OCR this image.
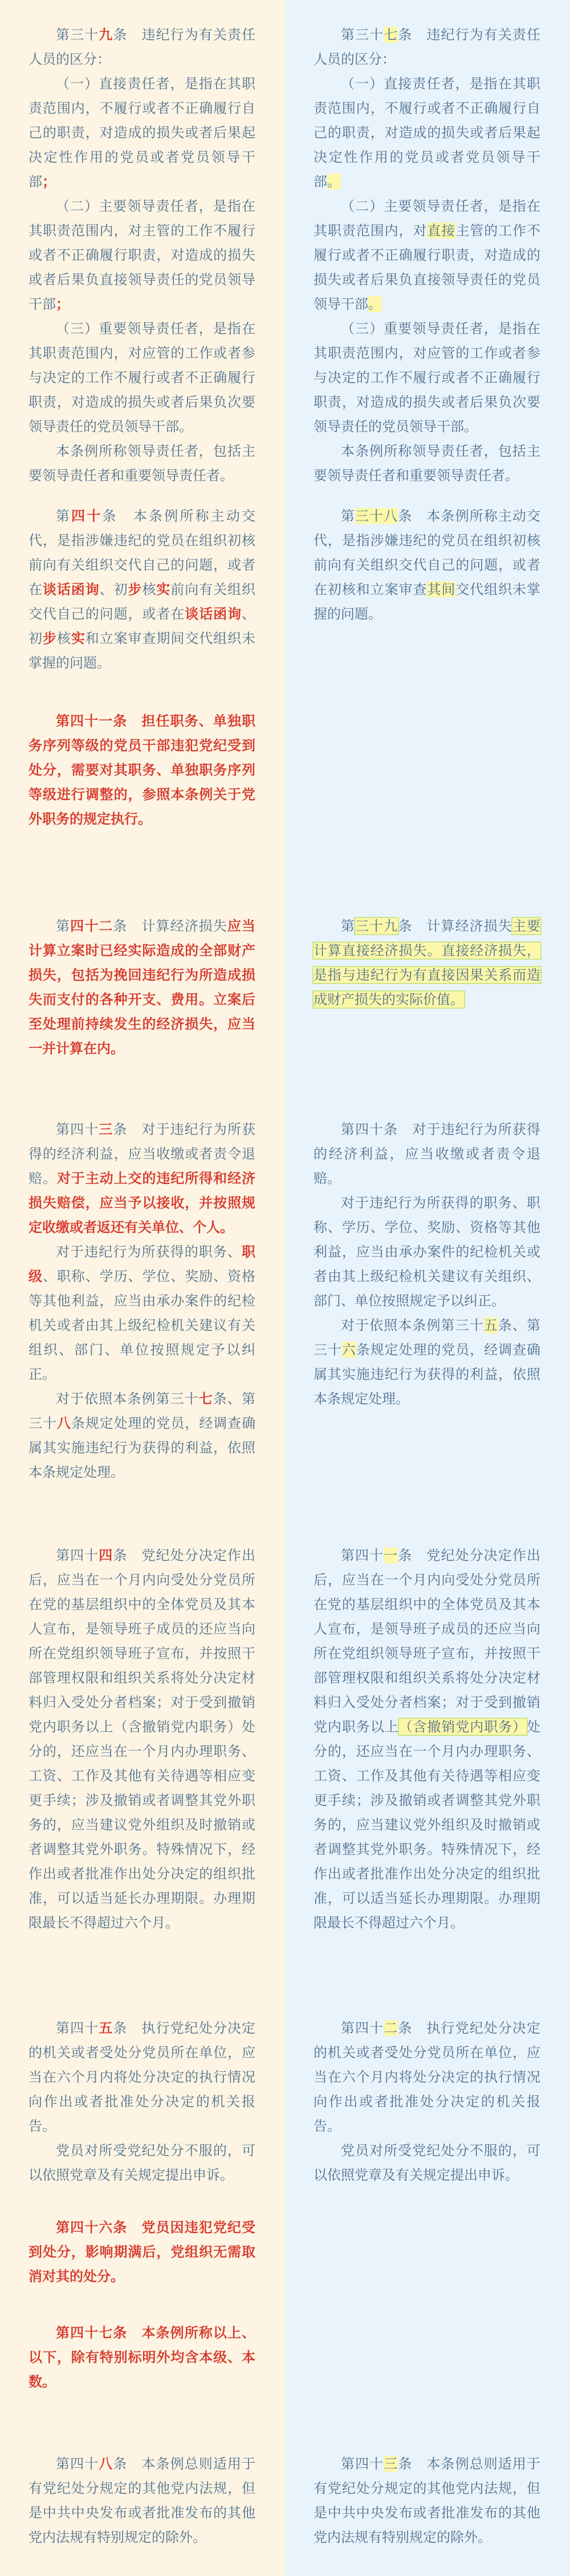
第三十九条　违纪行为有关责任人员的区分：

（一）直接责任者，是指在其职责范围内，不履行或者不正确履行自己的职责，对造成的损失或者后果起决定性作用的党员或者党员领导干部；

（二）主要领导责任者，是指在其职责范围内，对主管的工作不履行或者不正确履行职责，对造成的损失或者后果负直接领导责任的党员领导干部；

（三）重要领导责任者，是指在其职责范围内，对应管的工作或者参与决定的工作不履行或者不正确履行职责，对造成的损失或者后果负次要领导责任的党员领导干部。

本条例所称领导责任者，包括主要领导责任者和重要领导责任者。

第四十条　本条例所称主动交代，是指涉嫌违纪的党员在组织初核前向有关组织交代自己的问题，或者在谈话函询、初步核实前向有关组织交代自己的问题，或者在谈话函询、初步核实和立案审查期间交代组织未掌握的问题。

第四十一条　担任职务、单独职务序列等级的党员干部违犯党纪受到处分，需要对其职务、单独职务序列等级进行调整的，参照本条例关于党外职务的规定执行。

第四十二条　计算经济损失应当计算立案时已经实际造成的全部财产损失，包括为挽回违纪行为所造成损失而支付的各种开支、费用。立案后至处理前持续发生的经济损失，应当一并计算在内。

第四十三条　对于违纪行为所获得的经济利益，应当收缴或者责令退赔。对于主动上交的违纪所得和经济损失赔偿，应当予以接收，并按照规定收缴或者返还有关单位、个人。

对于违纪行为所获得的职务、职级、职称、学历、学位、奖励、资格等其他利益，应当由承办案件的纪检机关或者由其上级纪检机关建议有关组织、部门、单位按照规定予以纠正。

对于依照本条例第三十七条、第三十八条规定处理的党员，经调查确属其实施违纪行为获得的利益，依照本条规定处理。

第四十四条　党纪处分决定作出后，应当在一个月内向受处分党员所在党的基层组织中的全体党员及其本人宣布，是领导班子成员的还应当向所在党组织领导班子宣布，并按照干部管理权限和组织关系将处分决定材料归入受处分者档案；对于受到撤销党内职务以上（含撤销党内职务）处分的，还应当在一个月内办理职务、工资、工作及其他有关待遇等相应变更手续；涉及撤销或者调整其党外职务的，应当建议党外组织及时撤销或者调整其党外职务。特殊情况下，经作出或者批准作出处分决定的组织批准，可以适当延长办理期限。办理期限最长不得超过六个月。

第四十五条　执行党纪处分决定的机关或者受处分党员所在单位，应当在六个月内将处分决定的执行情况向作出或者批准处分决定的机关报告。

党员对所受党纪处分不服的，可以依照党章及有关规定提出申诉。

第四十六条　党员因违犯党纪受到处分，影响期满后，党组织无需取消对其的处分。

第四十七条　本条例所称以上、以下，除有特别标明外均含本级、本数。

第四十八条　本条例总则适用于有党纪处分规定的其他党内法规，但是中共中央发布或者批准发布的其他党内法规有特别规定的除外。

第三十七条　违纪行为有关责任人员的区分：

（一）直接责任者，是指在其职责范围内，不履行或者不正确履行自己的职责，对造成的损失或者后果起决定性作用的党员或者党员领导干部。

（二）主要领导责任者，是指在其职责范围内，对直接主管的工作不履行或者不正确履行职责，对造成的损失或者后果负直接领导责任的党员领导干部。

（三）重要领导责任者，是指在其职责范围内，对应管的工作或者参与决定的工作不履行或者不正确履行职责，对造成的损失或者后果负次要领导责任的党员领导干部。

本条例所称领导责任者，包括主要领导责任者和重要领导责任者。

第三十八条　本条例所称主动交代，是指涉嫌违纪的党员在组织初核前向有关组织交代自己的问题，或者在初核和立案审查其间交代组织未掌握的问题。

第三十九条　计算经济损失主要计算直接经济损失。直接经济损失，是指与违纪行为有直接因果关系而造成财产损失的实际价值。

第四十条　对于违纪行为所获得的经济利益，应当收缴或者责令退赔。

对于违纪行为所获得的职务、职称、学历、学位、奖励、资格等其他利益，应当由承办案件的纪检机关或者由其上级纪检机关建议有关组织、部门、单位按照规定予以纠正。

对于依照本条例第三十五条、第三十六条规定处理的党员，经调查确属其实施违纪行为获得的利益，依照本条规定处理。

第四十一条　党纪处分决定作出后，应当在一个月内向受处分党员所在党的基层组织中的全体党员及其本人宣布，是领导班子成员的还应当向所在党组织领导班子宣布，并按照干部管理权限和组织关系将处分决定材料归入受处分者档案；对于受到撤销党内职务以上（含撤销党内职务）处分的，还应当在一个月内办理职务、工资、工作及其他有关待遇等相应变更手续；涉及撤销或者调整其党外职务的，应当建议党外组织及时撤销或者调整其党外职务。特殊情况下，经作出或者批准作出处分决定的组织批准，可以适当延长办理期限。办理期限最长不得超过六个月。

第四十二条　执行党纪处分决定的机关或者受处分党员所在单位，应当在六个月内将处分决定的执行情况向作出或者批准处分决定的机关报告。

党员对所受党纪处分不服的，可以依照党章及有关规定提出申诉。

第四十三条　本条例总则适用于有党纪处分规定的其他党内法规，但是中共中央发布或者批准发布的其他党内法规有特别规定的除外。
